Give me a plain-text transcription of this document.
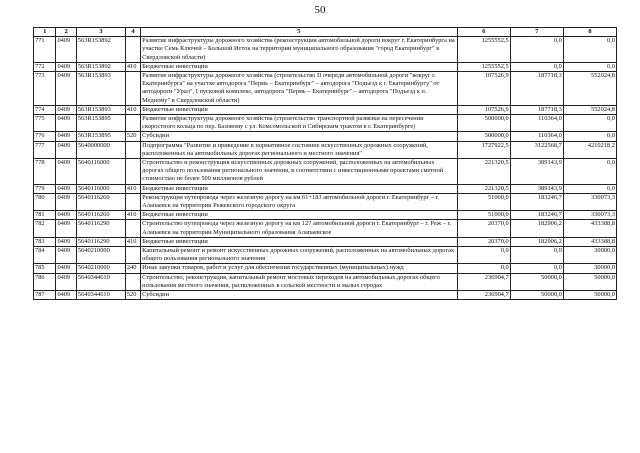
50
1	2	3	4	5	6	7	8
771	0409	563R153892		Развитие инфраструктуры дорожного хозяйства (реконструкция автомобильной дороги вокруг г. Екатеринбурга на участке Семь Ключей – Большой Исток на территории муниципального образования "город Екатеринбург" в Свердловской области)	1255552,5	0,0	0,0
772	0409	563R153892	410	Бюджетные инвестиции	1255552,5	0,0	0,0
773	0409	563R153893		Развитие инфраструктуры дорожного хозяйства (строительство II очереди автомобильной дороги "вокруг г. Екатеринбурга" на участке автодорога "Пермь – Екатеринбург" – автодорога "Подъезд к г. Екатеринбургу" от автодороги "Урал", I пусковой комплекс, автодорога "Пермь – Екатеринбург" – автодорога "Подъезд к п. Медному" в Свердловской области)	107526,9	187718,3	552024,8
774	0409	563R153893	410	Бюджетные инвестиции	107526,9	187718,3	552024,8
775	0409	563R153895		Развитие инфраструктуры дорожного хозяйства (строительство транспортной развязки на пересечении скоростного кольца по пер. Базовому с ул. Комсомольской и Сибирским трактом в г. Екатеринбурге)	500000,0	110364,0	0,0
776	0409	563R153895	520	Субсидии	500000,0	110364,0	0,0
777	0409	5640000000		Подпрограмма "Развитие и приведение в нормативное состояние искусственных дорожных сооружений, расположенных на автомобильных дорогах регионального и местного значения"	1727922,5	3122568,7	4210218,2
778	0409	5640116000		Строительство и реконструкция искусственных дорожных сооружений, расположенных на автомобильных дорогах общего пользования регионального значения, в соответствии с инвестиционными проектами сметной стоимостью не более 500 миллионов рублей	221320,5	389143,9	0,0
779	0409	5640116000	410	Бюджетные инвестиции	221320,5	389143,9	0,0
780	0409	5640116260		Реконструкция путепровода через железную дорогу на км 61+183 автомобильной дороги г. Екатеринбург – г. Алапаевск на территории Режевского городского округа	51000,0	183246,7	330073,3
781	0409	5640116260	410	Бюджетные инвестиции	51000,0	183246,7	330073,3
782	0409	5640116290		Строительство путепровода через железную дорогу на км 127 автомобильной дороги г. Екатеринбург – г. Реж – г. Алапаевск на территории Муниципального образования Алапаевское	20370,0	182906,2	433388,8
783	0409	5640116290	410	Бюджетные инвестиции	20370,0	182906,2	433388,8
784	0409	5640210000		Капитальный ремонт и ремонт искусственных дорожных сооружений, расположенных на автомобильных дорогах общего пользования регионального значения	0,0	0,0	30000,0
785	0409	5640210000	240	Иные закупки товаров, работ и услуг для обеспечения государственных (муниципальных) нужд	0,0	0,0	30000,0
786	0409	5640344610		Строительство, реконструкция, капитальный ремонт мостовых переходов на автомобильных дорогах общего пользования местного значения, расположенных в сельской местности и малых городах	236904,7	50000,0	50000,0
787	0409	5640344610	520	Субсидии	236904,7	50000,0	50000,0
